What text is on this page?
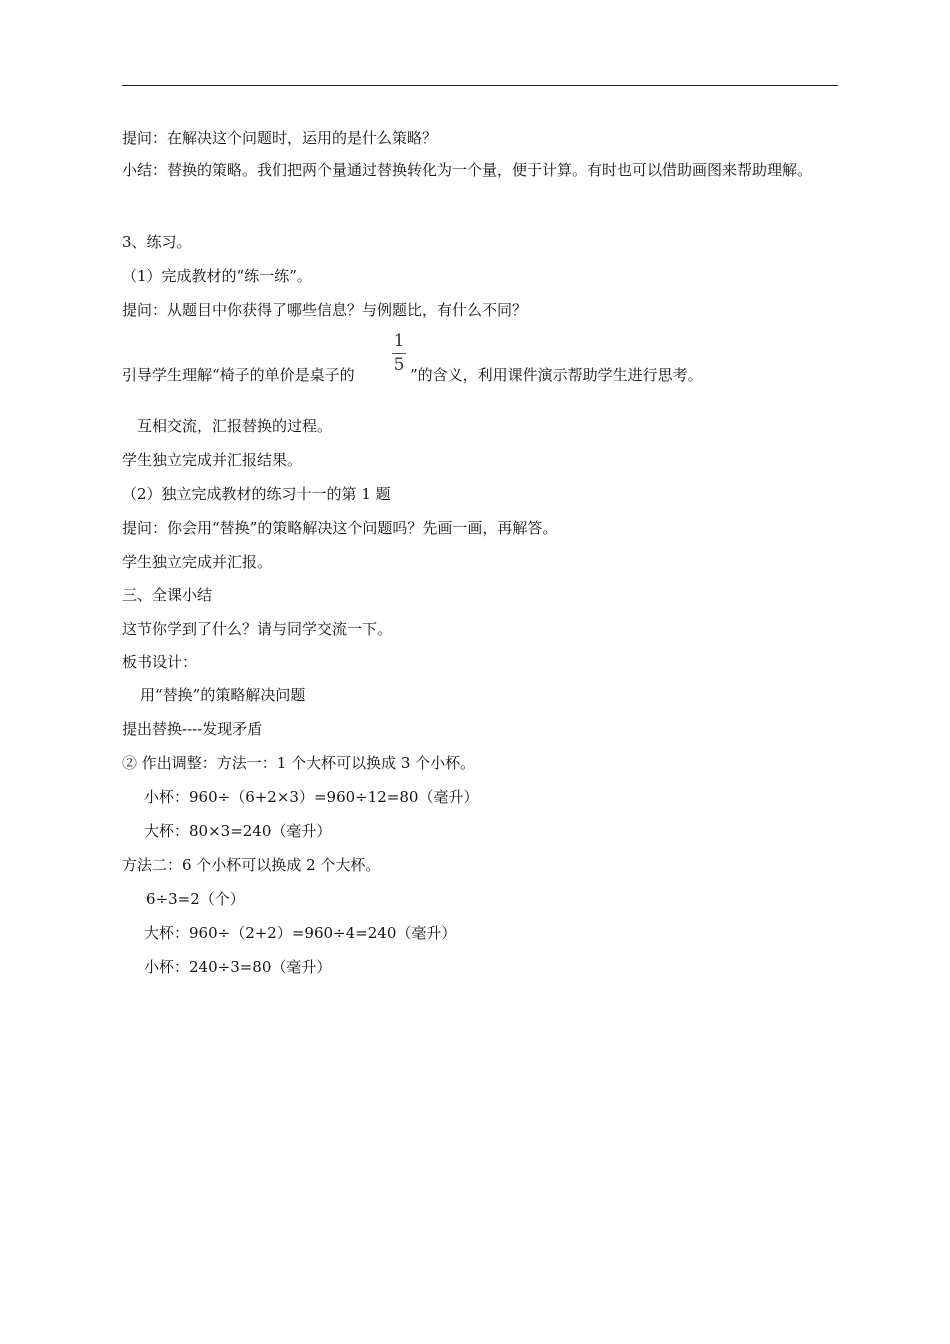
提问：在解决这个问题时，运用的是什么策略？
小结：替换的策略。我们把两个量通过替换转化为一个量，便于计算。有时也可以借助画图来帮助理解。
3、练习。
（1）完成教材的“练一练”。
提问：从题目中你获得了哪些信息？与例题比，有什么不同？
引导学生理解“椅子的单价是桌子的
1
5 ”的含义，利用课件演示帮助学生进行思考。
互相交流，汇报替换的过程。
学生独立完成并汇报结果。
（2）独立完成教材的练习十一的第 1 题
提问：你会用“替换”的策略解决这个问题吗？先画一画，再解答。
学生独立完成并汇报。
三、全课小结
这节你学到了什么？请与同学交流一下。
板书设计：
用“替换”的策略解决问题
提出替换----发现矛盾
② 作出调整：方法一：1 个大杯可以换成 3 个小杯。
小杯：960÷（6+2×3）=960÷12=80（毫升）
大杯：80×3=240（毫升）
方法二：6 个小杯可以换成 2 个大杯。
6÷3=2（个）
大杯：960÷（2+2）=960÷4=240（毫升）
小杯：240÷3=80（毫升）
